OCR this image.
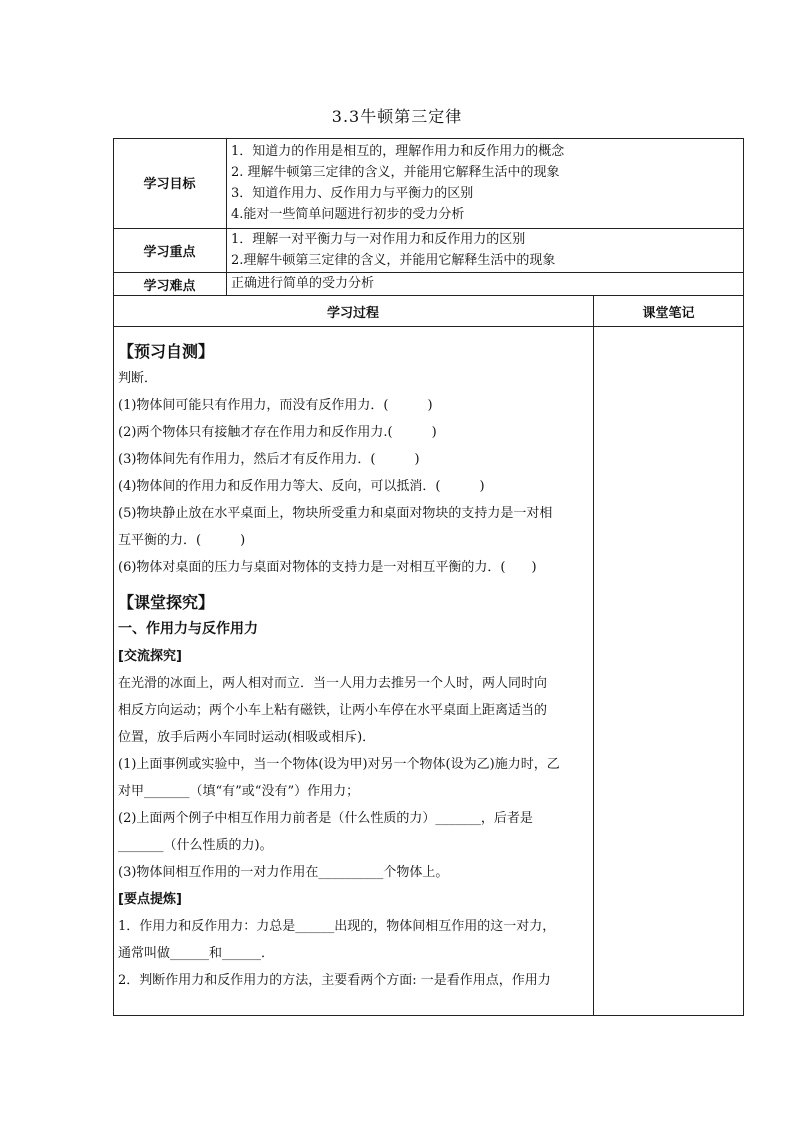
3.3牛顿第三定律
学习目标
1．知道力的作用是相互的，理解作用力和反作用力的概念
2. 理解牛顿第三定律的含义，并能用它解释生活中的现象
3．知道作用力、反作用力与平衡力的区别
4.能对一些简单问题进行初步的受力分析
学习重点
1．理解一对平衡力与一对作用力和反作用力的区别
2.理解牛顿第三定律的含义，并能用它解释生活中的现象
学习难点	正确进行简单的受力分析
学习过程	课堂笔记

【预习自测】

判断．

(1)物体间可能只有作用力，而没有反作用力．(　　　)

(2)两个物体只有接触才存在作用力和反作用力.(　　　)

(3)物体间先有作用力，然后才有反作用力．(　　　)

(4)物体间的作用力和反作用力等大、反向，可以抵消．(　　　)

(5)物块静止放在水平桌面上，物块所受重力和桌面对物块的支持力是一对相

互平衡的力．(　　　)

(6)物体对桌面的压力与桌面对物体的支持力是一对相互平衡的力．(　　)

【课堂探究】

一、作用力与反作用力

[交流探究]

在光滑的冰面上，两人相对而立．当一人用力去推另一个人时，两人同时向

相反方向运动；两个小车上粘有磁铁，让两小车停在水平桌面上距离适当的

位置，放手后两小车同时运动(相吸或相斥)．

(1)上面事例或实验中，当一个物体(设为甲)对另一个物体(设为乙)施力时，乙

对甲_______（填“有”或“没有”）作用力；

(2)上面两个例子中相互作用力前者是（什么性质的力）_______，后者是

_______（什么性质的力)。

(3)物体间相互作用的一对力作用在__________个物体上。

[要点提炼]

1．作用力和反作用力：力总是______出现的，物体间相互作用的这一对力，

通常叫做______和______．

2．判断作用力和反作用力的方法，主要看两个方面: 一是看作用点，作用力
